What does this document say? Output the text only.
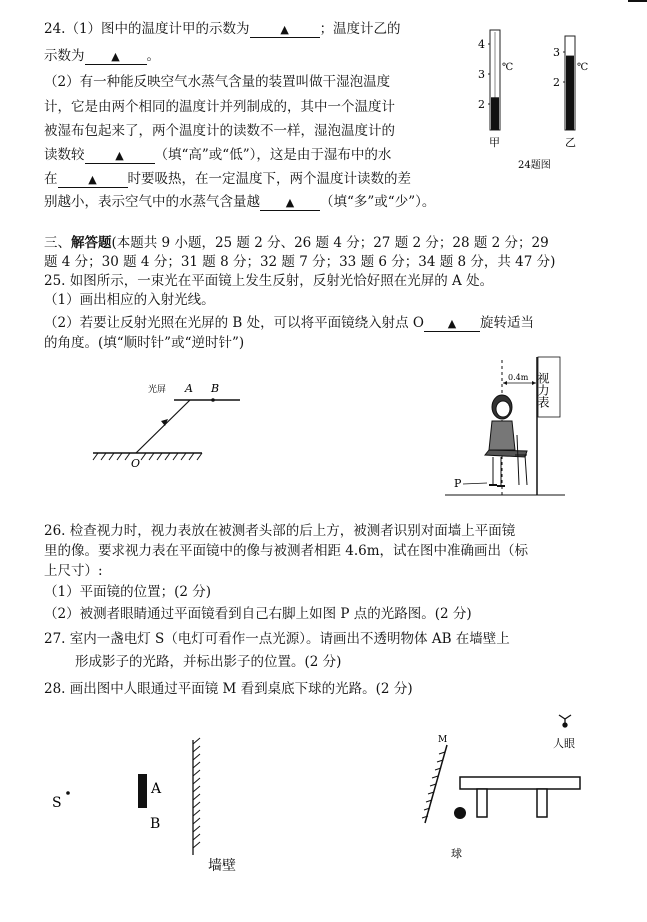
24.（1）图中的温度计甲的示数为	▲ ；温度计乙的
示数为 ▲ 。
（2）有一种能反映空气水蒸气含量的装置叫做干湿泡温度
计，它是由两个相同的温度计并列制成的，其中一个温度计
被湿布包起来了，两个温度计的读数不一样，湿泡温度计的
读数较	▲ （填“高”或“低”），这是由于湿布中的水
在	▲ 时要吸热，在一定温度下，两个温度计读数的差
别越小，表示空气中的水蒸气含量越 ▲ （填“多”或“少”）。
4
3
2
℃
甲
3
2
℃
乙
24题图
三、解答题(本题共 9 小题，25 题 2 分、26 题 4 分；27 题 2 分；28 题 2 分；29
题 4 分；30 题 4 分；31 题 8 分；32 题 7 分；33 题 6 分；34 题 8 分，共 47 分)
25. 如图所示，一束光在平面镜上发生反射，反射光恰好照在光屏的 A 处。
（1）画出相应的入射光线。
（2）若要让反射光照在光屏的 B 处，可以将平面镜绕入射点 O ▲ 旋转适当
的角度。(填“顺时针”或“逆时针”)
光屏 A B
O
视力表
0.4m
P
26. 检查视力时，视力表放在被测者头部的后上方，被测者识别对面墙上平面镜
里的像。要求视力表在平面镜中的像与被测者相距 4.6m，试在图中准确画出（标
上尺寸）:
（1）平面镜的位置；(2 分)
（2）被测者眼睛通过平面镜看到自己右脚上如图 P 点的光路图。(2 分)
27. 室内一盏电灯 S（电灯可看作一点光源）。请画出不透明物体 AB 在墙壁上
形成影子的光路，并标出影子的位置。(2 分)
28. 画出图中人眼通过平面镜 M 看到桌底下球的光路。(2 分)
S
A
B
墙壁
M	人眼
球
